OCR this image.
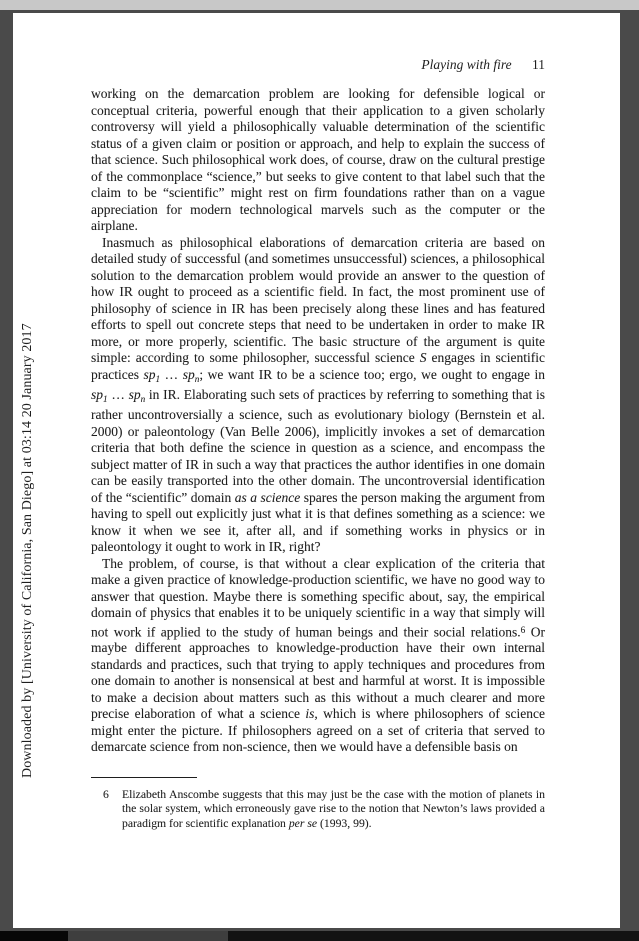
Downloaded by [University of California, San Diego] at 03:14 20 January 2017
Playing with fire 11

working on the demarcation problem are looking for defensible logical or conceptual criteria, powerful enough that their application to a given scholarly controversy will yield a philosophically valuable determination of the scientific status of a given claim or position or approach, and help to explain the success of that science. Such philosophical work does, of course, draw on the cultural prestige of the commonplace “science,” but seeks to give content to that label such that the claim to be “scientific” might rest on firm foundations rather than on a vague appreciation for modern technological marvels such as the computer or the airplane.

Inasmuch as philosophical elaborations of demarcation criteria are based on detailed study of successful (and sometimes unsuccessful) sciences, a philosophical solution to the demarcation problem would provide an answer to the question of how IR ought to proceed as a scientific field. In fact, the most prominent use of philosophy of science in IR has been precisely along these lines and has featured efforts to spell out concrete steps that need to be undertaken in order to make IR more, or more properly, scientific. The basic structure of the argument is quite simple: according to some philosopher, successful science S engages in scientific practices $sp_1$ … $sp_n$; we want IR to be a science too; ergo, we ought to engage in $sp_1$ … $sp_n$ in IR. Elaborating such sets of practices by referring to something that is rather uncontroversially a science, such as evolutionary biology (Bernstein et al. 2000) or paleontology (Van Belle 2006), implicitly invokes a set of demarcation criteria that both define the science in question as a science, and encompass the subject matter of IR in such a way that practices the author identifies in one domain can be easily transported into the other domain. The uncontroversial identification of the “scientific” domain as a science spares the person making the argument from having to spell out explicitly just what it is that defines something as a science: we know it when we see it, after all, and if something works in physics or in paleontology it ought to work in IR, right?

The problem, of course, is that without a clear explication of the criteria that make a given practice of knowledge-production scientific, we have no good way to answer that question. Maybe there is something specific about, say, the empirical domain of physics that enables it to be uniquely scientific in a way that simply will not work if applied to the study of human beings and their social relations.$^6$ Or maybe different approaches to knowledge-production have their own internal standards and practices, such that trying to apply techniques and procedures from one domain to another is nonsensical at best and harmful at worst. It is impossible to make a decision about matters such as this without a much clearer and more precise elaboration of what a science is, which is where philosophers of science might enter the picture. If philosophers agreed on a set of criteria that served to demarcate science from non-science, then we would have a defensible basis on

6	Elizabeth Anscombe suggests that this may just be the case with the motion of planets in the solar system, which erroneously gave rise to the notion that Newton’s laws provided a paradigm for scientific explanation per se (1993, 99).
